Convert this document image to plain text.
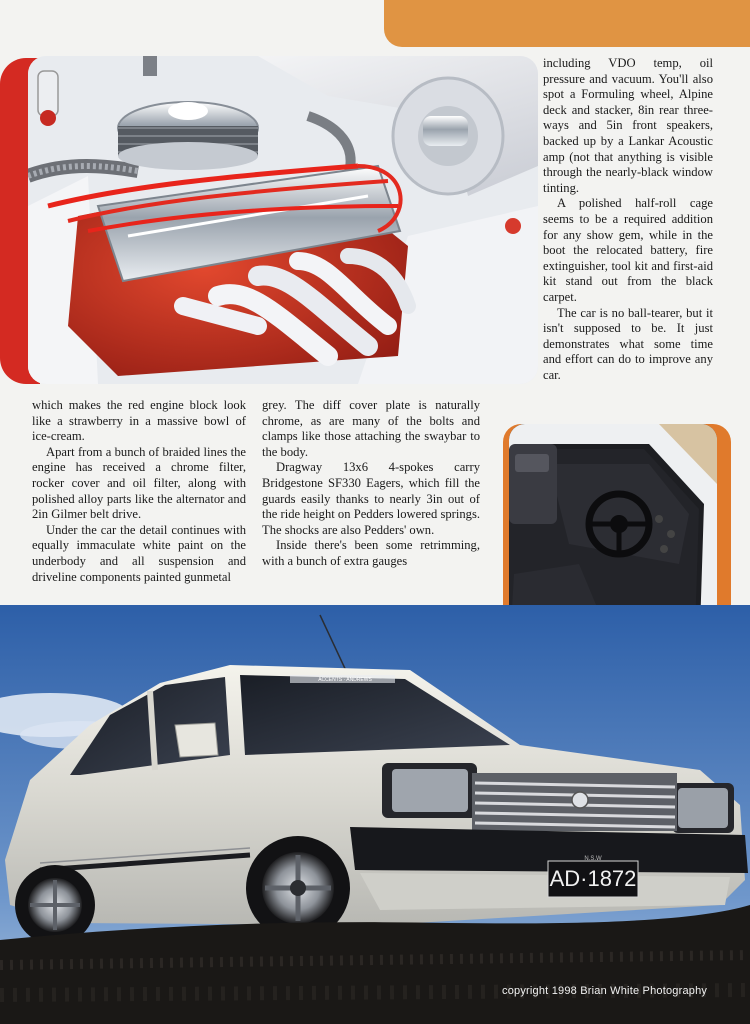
including VDO temp, oil pressure and vacuum. You'll also spot a Formuling wheel, Alpine deck and stacker, 8in rear three-ways and 5in front speakers, backed up by a Lankar Acoustic amp (not that anything is visible through the nearly-black window tinting.

A polished half-roll cage seems to be a required addition for any show gem, while in the boot the relocated battery, fire extinguisher, tool kit and first-aid kit stand out from the black carpet.

The car is no ball-tearer, but it isn't supposed to be. It just demonstrates what some time and effort can do to improve any car.

which makes the red engine block look like a strawberry in a massive bowl of ice-cream.

Apart from a bunch of braided lines the engine has received a chrome filter, rocker cover and oil filter, along with polished alloy parts like the alternator and 2in Gilmer belt drive.

Under the car the detail continues with equally immaculate white paint on the underbody and all suspension and driveline components painted gunmetal

grey. The diff cover plate is naturally chrome, as are many of the bolts and clamps like those attaching the swaybar to the body.

Dragway 13x6 4-spokes carry Bridgestone SF330 Eagers, which fill the guards easily thanks to nearly 3in out of the ride height on Pedders lowered springs. The shocks are also Pedders' own.

Inside there's been some retrimming, with a bunch of extra gauges

N.S.W
AD·1872
ACCENTS · ANDREWS
copyright 1998 Brian White Photography
